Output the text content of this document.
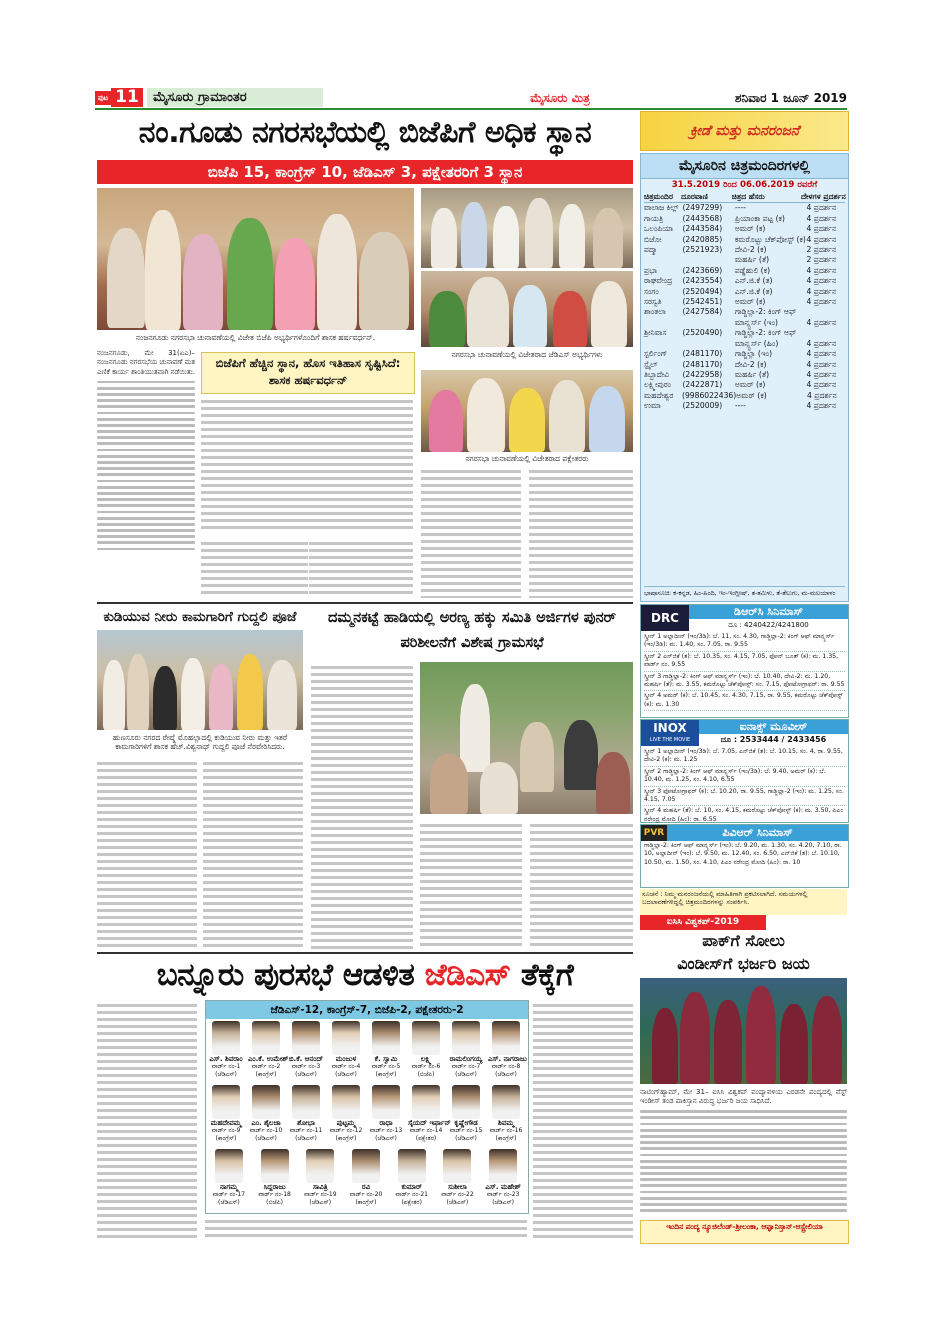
ಪುಟ 11	ಮೈಸೂರು ಗ್ರಾಮಾಂತರ	ಮೈಸೂರು ಮಿತ್ರ	ಶನಿವಾರ 1 ಜೂನ್ 2019
ನಂ.ಗೂಡು ನಗರಸಭೆಯಲ್ಲಿ ಬಿಜೆಪಿಗೆ ಅಧಿಕ ಸ್ಥಾನ
ಬಿಜೆಪಿ 15, ಕಾಂಗ್ರೆಸ್ 10, ಜೆಡಿಎಸ್ 3, ಪಕ್ಷೇತರರಿಗೆ 3 ಸ್ಥಾನ
ನಂಜನಗೂಡು ನಗರಸಭಾ ಚುನಾವಣೆಯಲ್ಲಿ ವಿಜೇತ ಬಿಜೆಪಿ ಅಭ್ಯರ್ಥಿಗಳೊಂದಿಗೆ ಶಾಸಕ ಹರ್ಷವರ್ಧನ್.
ನಗರಸಭಾ ಚುನಾವಣೆಯಲ್ಲಿ ವಿಜೇತರಾದ ಜೆಡಿಎಸ್ ಅಭ್ಯರ್ಥಿಗಳು
ನಗರಸಭಾ ಚುನಾವಣೆಯಲ್ಲಿ ವಿಜೇತರಾದ ಪಕ್ಷೇತರರು
ನಂಜನಗೂಡು, ಮೇ 31(ಏಎ)– ನಂಜನಗೂಡು ನಗರಸಭೆಯ ಚುನಾವಣೆ ಮತ ಎಣಿಕೆ ಕಾರ್ಯ ಶಾಂತಿಯುತವಾಗಿ ನಡೆಯಿತು.
ಬಿಜೆಪಿಗೆ ಹೆಚ್ಚಿನ ಸ್ಥಾನ, ಹೊಸ ಇತಿಹಾಸ ಸೃಷ್ಟಿಸಿದೆ: ಶಾಸಕ ಹರ್ಷವರ್ಧನ್
ಕುಡಿಯುವ ನೀರು ಕಾಮಗಾರಿಗೆ ಗುದ್ದಲಿ ಪೂಜೆ
ಹುಣಸೂರು ನಗರದ ರೇಷ್ಮೆ ಮೊಹಲ್ಲಾದಲ್ಲಿ ಕುಡಿಯುವ ನೀರು ಮತ್ತು ಇತರೆ ಕಾಮಗಾರಿಗಳಿಗೆ ಶಾಸಕ ಹೆಚ್.ವಿಶ್ವನಾಥ್ ಗುದ್ದಲಿ ಪೂಜೆ ನೆರವೇರಿಸಿದರು.
ದಮ್ಮನಕಟ್ಟೆ ಹಾಡಿಯಲ್ಲಿ ಅರಣ್ಯ ಹಕ್ಕು ಸಮಿತಿ ಅರ್ಜಿಗಳ ಪುನರ್ ಪರಿಶೀಲನೆಗೆ ವಿಶೇಷ ಗ್ರಾಮಸಭೆ
ಬನ್ನೂರು ಪುರಸಭೆ ಆಡಳಿತ ಜೆಡಿಎಸ್ ತೆಕ್ಕೆಗೆ
ಜೆಡಿಎಸ್-12, ಕಾಂಗ್ರೆಸ್-7, ಬಿಜೆಪಿ-2, ಪಕ್ಷೇತರರು-2
ಎಸ್. ಶಿವರಾಂ
ವಾರ್ಡ್ ನಂ-1
(ಜೆಡಿಎಸ್)
ಎಂ.ಕೆ. ಉಮೇಶ್
ವಾರ್ಡ್ ನಂ-2
(ಕಾಂಗ್ರೆಸ್)
ಬಿ.ಕೆ. ಆನಂದ್
ವಾರ್ಡ್ ನಂ-3
(ಜೆಡಿಎಸ್)
ಮಂಜುಳ
ವಾರ್ಡ್ ನಂ-4
(ಜೆಡಿಎಸ್)
ಕೆ. ಸ್ವಾಮಿ
ವಾರ್ಡ್ ನಂ-5
(ಕಾಂಗ್ರೆಸ್)
ಲಕ್ಷ್ಮಿ
ವಾರ್ಡ್ ನಂ-6
(ಬಿಜೆಪಿ)
ರಾಮಲಿಂಗಯ್ಯ
ವಾರ್ಡ್ ನಂ-7
(ಜೆಡಿಎಸ್)
ಎಸ್. ನಾಗರಾಜು
ವಾರ್ಡ್ ನಂ-8
(ಜೆಡಿಎಸ್)
ಮಹದೇವಮ್ಮ
ವಾರ್ಡ್ ನಂ-9
(ಕಾಂಗ್ರೆಸ್)
ಎಂ. ಶೈಲಜಾ
ವಾರ್ಡ್ ನಂ-10
(ಜೆಡಿಎಸ್)
ಶೋಭಾ
ವಾರ್ಡ್ ನಂ-11
(ಜೆಡಿಎಸ್)
ಪುಟ್ಟಮ್ಮ
ವಾರ್ಡ್ ನಂ-12
(ಕಾಂಗ್ರೆಸ್)
ರಾಧಾ
ವಾರ್ಡ್ ನಂ-13
(ಜೆಡಿಎಸ್)
ಸೈಯದ್ ಇರ್ಫಾನ್
ವಾರ್ಡ್ ನಂ-14
(ಪಕ್ಷೇತರ)
ಕೃಷ್ಣೇಗೌಡ
ವಾರ್ಡ್ ನಂ-15
(ಜೆಡಿಎಸ್)
ಶಿವಮ್ಮ
ವಾರ್ಡ್ ನಂ-16
(ಕಾಂಗ್ರೆಸ್)
ನಾಗಮ್ಮ
ವಾರ್ಡ್ ನಂ-17
(ಜೆಡಿಎಸ್)
ಸಿದ್ದರಾಜು
ವಾರ್ಡ್ ನಂ-18
(ಬಿಜೆಪಿ)
ಸಾವಿತ್ರಿ
ವಾರ್ಡ್ ನಂ-19
(ಜೆಡಿಎಸ್)
ರವಿ
ವಾರ್ಡ್ ನಂ-20
(ಕಾಂಗ್ರೆಸ್)
ಕುಮಾರ್
ವಾರ್ಡ್ ನಂ-21
(ಪಕ್ಷೇತರ)
ಸುಶೀಲಾ
ವಾರ್ಡ್ ನಂ-22
(ಜೆಡಿಎಸ್)
ಎಸ್. ಮಹೇಶ್
ವಾರ್ಡ್ ನಂ-23
(ಜೆಡಿಎಸ್)
ಕ್ರೀಡೆ ಮತ್ತು ಮನರಂಜನೆ
ಮೈಸೂರಿನ ಚಿತ್ರಮಂದಿರಗಳಲ್ಲಿ
31.5.2019 ರಿಂದ 06.06.2019 ರವರೆಗೆ
ಚಿತ್ರಮಂದಿರ	ದೂರವಾಣಿ	ಚಿತ್ರದ ಹೆಸರು	ದೇಳಗಳ ಪ್ರದರ್ಶನ
ವಾಲಾಜ ಕಿಲ್ಲ್ (2497299)	----	4 ಪ್ರದರ್ಶನ
ಗಾಯತ್ರಿ	(2443568)	ಪ್ರಿಯಾಂಕಾ ಪಟ್ಟ (ಕ)	4 ಪ್ರದರ್ಶನ
ಒಲಂಪಿಯಾ	(2443584)	ಅಮರ್ (ಕ)	4 ಪ್ರದರ್ಶನ
ಬಿಜೋ	(2420885)	ಕಮರೊಟ್ಟು ಚೆಕ್‌ಪೋಸ್ಟ್ (ಕ) 4 ಪ್ರದರ್ಶನ
ಪದ್ಮಾ	(2521923)	ದೇವಿ-2 (ಕ)	2 ಪ್ರದರ್ಶನ
ಮಹರ್ಷಿ (ತೆ)	2 ಪ್ರದರ್ಶನ
ಪ್ರಭಾ	(2423669)	ಪಡ್ಡೆಹುಲಿ (ಕ)	4 ಪ್ರದರ್ಶನ
ರಾಘವೇಂದ್ರ	(2423554)	ಎನ್.ಜಿ.ಕೆ (ತ)	4 ಪ್ರದರ್ಶನ
ಸಂಗಂ	(2520494)	ಎನ್.ಜಿ.ಕೆ (ತ)	4 ಪ್ರದರ್ಶನ
ಸರಸ್ವತಿ	(2542451)	ಅಮರ್ (ಕ)	4 ಪ್ರದರ್ಶನ
ಶಾಂತಲಾ	(2427584)	ಗಾಡ್ಜಿಲ್ಲಾ-2: ಕಿಂಗ್ ಆಫ್
ಮಾನ್ಸ್ಟರ್ಸ್ (ಇಂ)	4 ಪ್ರದರ್ಶನ
ಶ್ರೀನಿವಾಸ	(2520490)	ಗಾಡ್ಜಿಲ್ಲಾ-2: ಕಿಂಗ್ ಆಫ್
ಮಾನ್ಸ್ಟರ್ಸ್ (ಹಿಂ)	4 ಪ್ರದರ್ಶನ
ಸ್ಟರ್ಲಿಂಗ್	(2481170)	ಗಾಡ್ಜಿಲ್ಲಾ (ಇಂ)	4 ಪ್ರದರ್ಶನ
ಸ್ಟೈಲ್	(2481170)	ದೇವಿ-2 (ಕ)	4 ಪ್ರದರ್ಶನ
ತಿಬ್ಬಾದೇವಿ	(2422958)	ಮಹರ್ಷಿ (ತೆ)	4 ಪ್ರದರ್ಶನ
ಲಕ್ಷ್ಮೀಪುರಂ	(2422871)	ಅಮರ್ (ಕ)	4 ಪ್ರದರ್ಶನ
ಮಹದೇಶ್ವರ	(9986022436) ಅಮರ್ (ಕ)	4 ಪ್ರದರ್ಶನ
ಉಮಾ	(2520009)	----	4 ಪ್ರದರ್ಶನ
ಭಾಷಾಸೂಚಿ: ಕ-ಕನ್ನಡ, ಹಿಂ-ಹಿಂದಿ, ಇಂ-ಇಂಗ್ಲೀಷ್, ತ-ತಮಿಳು, ತೆ-ತೆಲುಗು, ಮ-ಮಲಯಾಳಂ
DRC	ಡಿಆರ್‌ಸಿ ಸಿನಿಮಾಸ್
ದೂ : 4240422/4241800
ಸ್ಕ್ರೀನ್ 1 ಅಲ್ಲಾದೀನ್ (ಇಂ/3ಡಿ): ಬೆ. 11, ಸಂ. 4.30, ಗಾಡ್ಜಿಲ್ಲಾ-2: ಕಿಂಗ್ ಆಫ್ ಮಾನ್ಸ್ಟರ್ಸ್ (ಇಂ/3ಡಿ): ಮ. 1.40, ಸಂ. 7.05, ರಾ. 9.55
ಸ್ಕ್ರೀನ್ 2 ಎನ್‌ಜಿಕೆ (ತ): ಬೆ. 10.35, ಸಂ. 4.15, 7.05, ಫೋನ್ ಬೂತ್ (ಕ): ಮ. 1.35, ವಾರ್ಡ್ ನಂ. 9.55
ಸ್ಕ್ರೀನ್ 3 ಗಾಡ್ಜಿಲ್ಲಾ-2: ಕಿಂಗ್ ಆಫ್ ಮಾನ್ಸ್ಟರ್ಸ್ (ಇಂ): ಬೆ. 10.40, ದೇವಿ-2: ಮ. 1.20, ಮಹರ್ಷಿ (ತೆ): ಮ. 3.55, ಕಮರೊಟ್ಟು ಚೆಕ್‌ಪೋಸ್ಟ್: ಸಂ. 7.15, ಫೋಟೋಗ್ರಾಫರ್: ರಾ. 9.55
ಸ್ಕ್ರೀನ್ 4 ಅಮರ್ (ಕ): ಬೆ. 10.45, ಸಂ. 4.30, 7.15, ರಾ. 9.55, ಕಮರೊಟ್ಟು ಚೆಕ್‌ಪೋಸ್ಟ್ (ಕ): ಮ. 1.30
INOX
LIVE THE MOVIE
ಐನಾಕ್ಸ್ ಮೂವೀಸ್
ದೂ : 2533444 / 2433456
ಸ್ಕ್ರೀನ್ 1 ಅಲ್ಲಾದೀನ್ (ಇಂ/3ಡಿ): ಬೆ. 7.05, ಎನ್‌ಜಿಕೆ (ತ): ಬೆ. 10.15, ಸಂ. 4, ರಾ. 9.55, ದೇವಿ-2 (ಕ): ಮ. 1.25
ಸ್ಕ್ರೀನ್ 2 ಗಾಡ್ಜಿಲ್ಲಾ-2: ಕಿಂಗ್ ಆಫ್ ಮಾನ್ಸ್ಟರ್ಸ್ (ಇಂ/3ಡಿ): ಬೆ. 9.40, ಅಮರ್ (ಕ): ಬೆ. 10.40, ಮ. 1.25, ಸಂ. 4.10, 6.55
ಸ್ಕ್ರೀನ್ 3 ಫೋಟೋಗ್ರಾಫರ್ (ಕ): ಬೆ. 10.20, ರಾ. 9.55, ಗಾಡ್ಜಿಲ್ಲಾ-2 (ಇಂ): ಮ. 1.25, ಸಂ. 4.15, 7.05
ಸ್ಕ್ರೀನ್ 4 ಮಹರ್ಷಿ (ತೆ): ಬೆ. 10, ಸಂ. 4.15, ಕಮರೊಟ್ಟು ಚೆಕ್‌ಪೋಸ್ಟ್ (ಕ): ಮ. 3.50, ಪಿಎಂ ನರೇಂದ್ರ ಮೋದಿ (ಹಿಂ): ರಾ. 6.55
PVR	ಪಿವಿಆರ್ ಸಿನಿಮಾಸ್
ಗಾಡ್ಜಿಲ್ಲಾ-2: ಕಿಂಗ್ ಆಫ್ ಮಾನ್ಸ್ಟರ್ಸ್ (ಇಂ): ಬೆ. 9.20, ಮ. 1.30, ಸಂ. 4.20, 7.10, ರಾ. 10, ಅಲ್ಲಾದೀನ್ (ಇಂ): ಬೆ. 9.50, ಮ. 12.40, ಸಂ. 6.50, ಎನ್‌ಜಿಕೆ (ತ): ಬೆ. 10.10, 10.50, ಮ. 1.50, ಸಂ. 4.10, ಪಿಎಂ ನರೇಂದ್ರ ಮೋದಿ (ಹಿಂ): ರಾ. 10
ಸೂಚನೆ : ನಿಮ್ಮ ಮನರಂಜನೆಯಲ್ಲಿ ಮಾಹಿತಿಗಾಗಿ ಪ್ರಕಟಿಸಲಾಗಿದೆ. ಸಮಯಗಳಲ್ಲಿ ಬದಲಾವಣೆಗಳಿದ್ದಲ್ಲಿ ಚಿತ್ರಮಂದಿರಗಳನ್ನು ಸಂಪರ್ಕಿಸಿ.
ಐಸಿಸಿ ವಿಶ್ವಕಪ್-2019
ಪಾಕ್‌ಗೆ ಸೋಲು
ವಿಂಡೀಸ್‌ಗೆ ಭರ್ಜರಿ ಜಯ
ನಾಟಿಂಗ್‌ಹ್ಯಾಮ್, ಮೇ 31– ಐಸಿಸಿ ವಿಶ್ವಕಪ್ ಪಂದ್ಯಾವಳಿಯ ಎರಡನೇ ಪಂದ್ಯದಲ್ಲಿ ವೆಸ್ಟ್ ಇಂಡೀಸ್ ತಂಡ ಪಾಕಿಸ್ತಾನ ವಿರುದ್ಧ ಭರ್ಜರಿ ಜಯ ಸಾಧಿಸಿದೆ.
ಇಂದಿನ ಪಂದ್ಯ ನ್ಯೂಜಿಲೆಂಡ್-ಶ್ರೀಲಂಕಾ, ಆಫ್ಘಾನಿಸ್ತಾನ್-ಆಸ್ಟ್ರೇಲಿಯಾ
